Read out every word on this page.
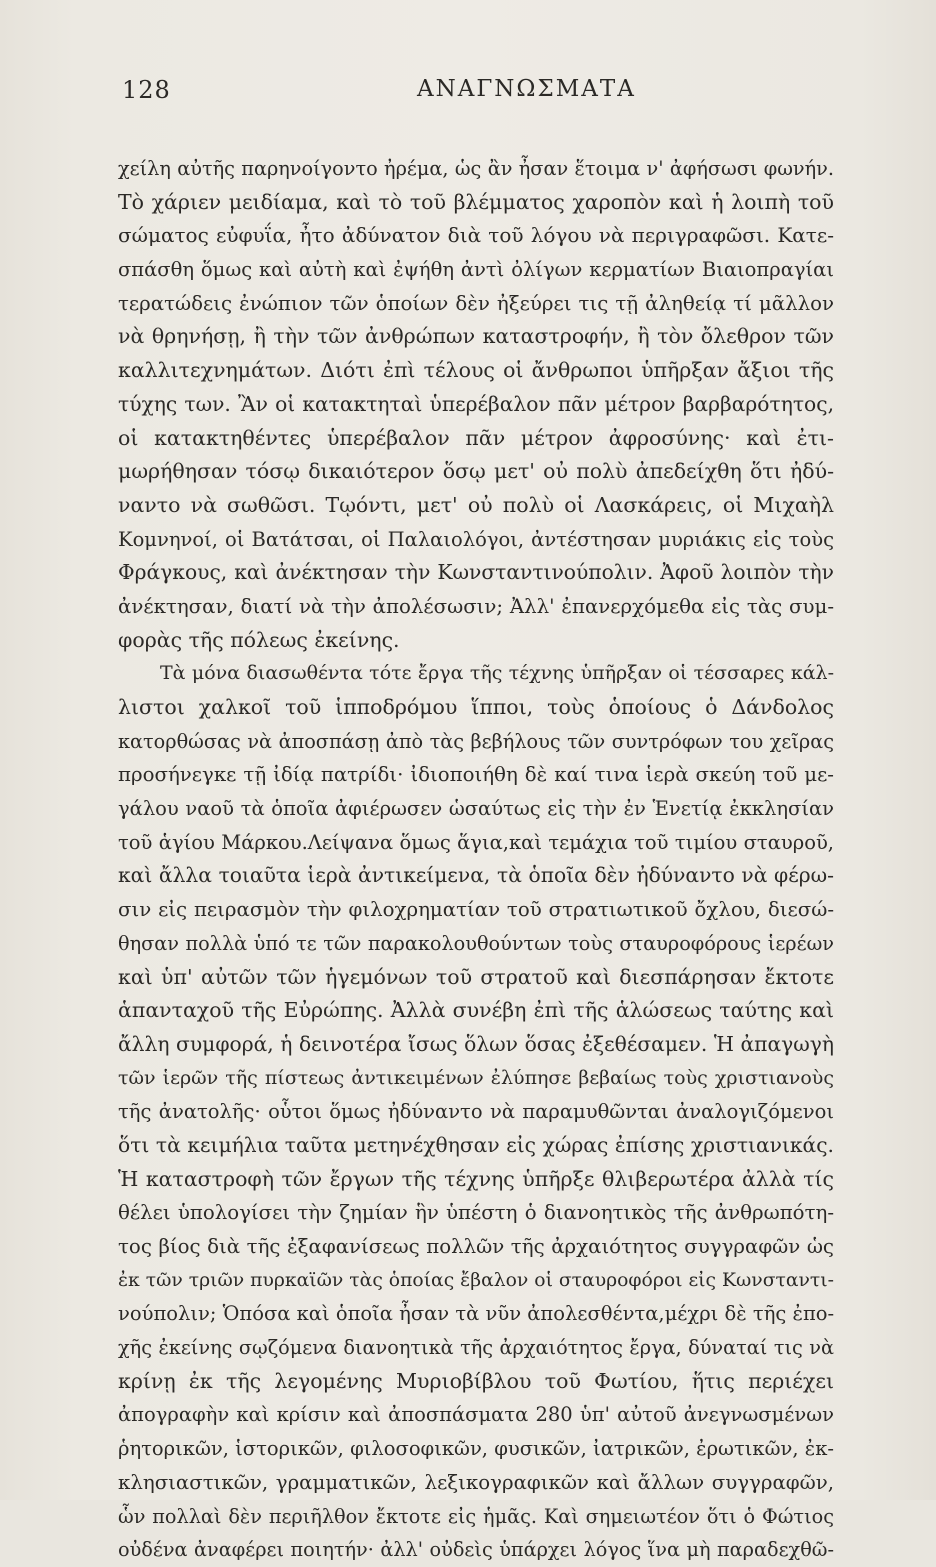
128	ΑΝΑΓΝΩΣΜΑΤΑ
χείλη αὐτῆς παρηνοίγοντο ἠρέμα, ὡς ἂν ἦσαν ἕτοιμα ν' ἀφήσωσι φωνήν.
Τὸ χάριεν μειδίαμα, καὶ τὸ τοῦ βλέμματος χαροπὸν καὶ ἡ λοιπὴ τοῦ
σώματος εὐφυΐα, ἦτο ἀδύνατον διὰ τοῦ λόγου νὰ περιγραφῶσι. Κατε-
σπάσθη ὅμως καὶ αὐτὴ καὶ ἐψήθη ἀντὶ ὀλίγων κερματίων Βιαιοπραγίαι
τερατώδεις ἐνώπιον τῶν ὁποίων δὲν ἠξεύρει τις τῇ ἀληθείᾳ τί μᾶλλον
νὰ θρηνήσῃ, ἢ τὴν τῶν ἀνθρώπων καταστροφήν, ἢ τὸν ὄλεθρον τῶν
καλλιτεχνημάτων. Διότι ἐπὶ τέλους οἱ ἄνθρωποι ὑπῆρξαν ἄξιοι τῆς
τύχης των. Ἂν οἱ κατακτηταὶ ὑπερέβαλον πᾶν μέτρον βαρβαρότητος,
οἱ κατακτηθέντες ὑπερέβαλον πᾶν μέτρον ἀφροσύνης· καὶ ἐτι-
μωρήθησαν τόσῳ δικαιότερον ὅσῳ μετ' οὐ πολὺ ἀπεδείχθη ὅτι ἠδύ-
ναντο νὰ σωθῶσι. Τῳόντι, μετ' οὐ πολὺ οἱ Λασκάρεις, οἱ Μιχαὴλ
Κομνηνοί, οἱ Βατάτσαι, οἱ Παλαιολόγοι, ἀντέστησαν μυριάκις εἰς τοὺς
Φράγκους, καὶ ἀνέκτησαν τὴν Κωνσταντινούπολιν. Ἀφοῦ λοιπὸν τὴν
ἀνέκτησαν, διατί νὰ τὴν ἀπολέσωσιν; Ἀλλ' ἐπανερχόμεθα εἰς τὰς συμ-
φορὰς τῆς πόλεως ἐκείνης.
Τὰ μόνα διασωθέντα τότε ἔργα τῆς τέχνης ὑπῆρξαν οἱ τέσσαρες κάλ-
λιστοι χαλκοῖ τοῦ ἱπποδρόμου ἵπποι, τοὺς ὁποίους ὁ Δάνδολος
κατορθώσας νὰ ἀποσπάσῃ ἀπὸ τὰς βεβήλους τῶν συντρόφων του χεῖρας
προσήνεγκε τῇ ἰδίᾳ πατρίδι· ἰδιοποιήθη δὲ καί τινα ἱερὰ σκεύη τοῦ με-
γάλου ναοῦ τὰ ὁποῖα ἀφιέρωσεν ὡσαύτως εἰς τὴν ἐν Ἑνετίᾳ ἐκκλησίαν
τοῦ ἁγίου Μάρκου.Λείψανα ὅμως ἅγια,καὶ τεμάχια τοῦ τιμίου σταυροῦ,
καὶ ἄλλα τοιαῦτα ἱερὰ ἀντικείμενα, τὰ ὁποῖα δὲν ἠδύναντο νὰ φέρω-
σιν εἰς πειρασμὸν τὴν φιλοχρηματίαν τοῦ στρατιωτικοῦ ὄχλου, διεσώ-
θησαν πολλὰ ὑπό τε τῶν παρακολουθούντων τοὺς σταυροφόρους ἱερέων
καὶ ὑπ' αὐτῶν τῶν ἡγεμόνων τοῦ στρατοῦ καὶ διεσπάρησαν ἔκτοτε
ἁπανταχοῦ τῆς Εὐρώπης. Ἀλλὰ συνέβη ἐπὶ τῆς ἁλώσεως ταύτης καὶ
ἄλλη συμφορά, ἡ δεινοτέρα ἴσως ὅλων ὅσας ἐξεθέσαμεν. Ἡ ἀπαγωγὴ
τῶν ἱερῶν τῆς πίστεως ἀντικειμένων ἐλύπησε βεβαίως τοὺς χριστιανοὺς
τῆς ἀνατολῆς· οὗτοι ὅμως ἠδύναντο νὰ παραμυθῶνται ἀναλογιζόμενοι
ὅτι τὰ κειμήλια ταῦτα μετηνέχθησαν εἰς χώρας ἐπίσης χριστιανικάς.
Ἡ καταστροφὴ τῶν ἔργων τῆς τέχνης ὑπῆρξε θλιβερωτέρα ἀλλὰ τίς
θέλει ὑπολογίσει τὴν ζημίαν ἣν ὑπέστη ὁ διανοητικὸς τῆς ἀνθρωπότη-
τος βίος διὰ τῆς ἐξαφανίσεως πολλῶν τῆς ἀρχαιότητος συγγραφῶν ὡς
ἐκ τῶν τριῶν πυρκαϊῶν τὰς ὁποίας ἔβαλον οἱ σταυροφόροι εἰς Κωνσταντι-
νούπολιν; Ὁπόσα καὶ ὁποῖα ἦσαν τὰ νῦν ἀπολεσθέντα,μέχρι δὲ τῆς ἐπο-
χῆς ἐκείνης σῳζόμενα διανοητικὰ τῆς ἀρχαιότητος ἔργα, δύναταί τις νὰ
κρίνῃ ἐκ τῆς λεγομένης Μυριοβίβλου τοῦ Φωτίου, ἥτις περιέχει
ἀπογραφὴν καὶ κρίσιν καὶ ἀποσπάσματα 280 ὑπ' αὐτοῦ ἀνεγνωσμένων
ῥητορικῶν, ἱστορικῶν, φιλοσοφικῶν, φυσικῶν, ἰατρικῶν, ἐρωτικῶν, ἐκ-
κλησιαστικῶν, γραμματικῶν, λεξικογραφικῶν καὶ ἄλλων συγγραφῶν,
ὧν πολλαὶ δὲν περιῆλθον ἔκτοτε εἰς ἡμᾶς. Καὶ σημειωτέον ὅτι ὁ Φώτιος
οὐδένα ἀναφέρει ποιητήν· ἀλλ' οὐδεὶς ὑπάρχει λόγος ἵνα μὴ παραδεχθῶ-
